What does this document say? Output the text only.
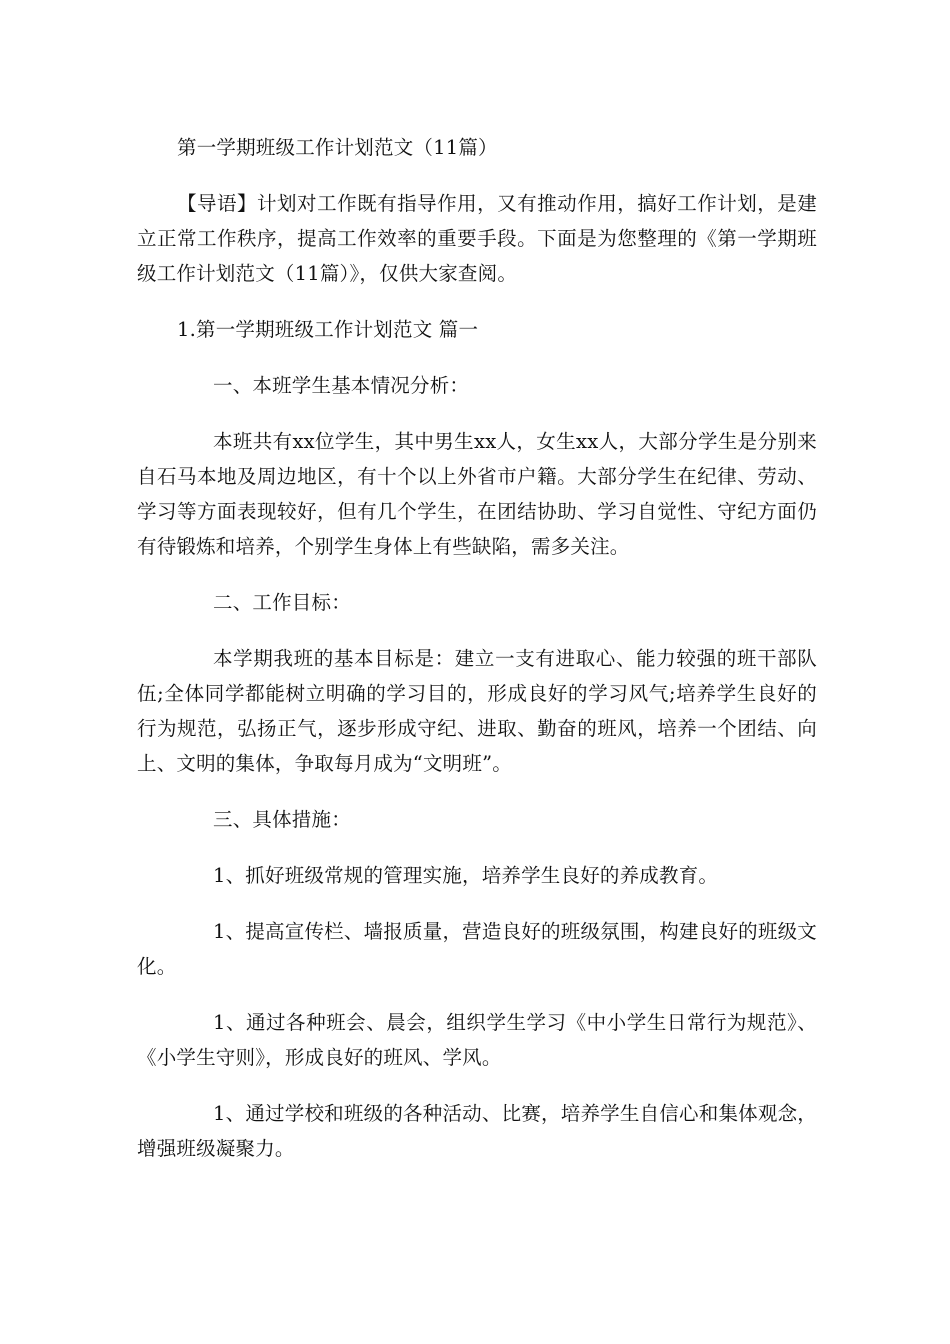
第一学期班级工作计划范文（11篇）

【导语】计划对工作既有指导作用，又有推动作用，搞好工作计划，是建立正常工作秩序，提高工作效率的重要手段。下面是为您整理的《第一学期班级工作计划范文（11篇）》，仅供大家查阅。

1.第一学期班级工作计划范文 篇一

一、本班学生基本情况分析：

本班共有xx位学生，其中男生xx人，女生xx人，大部分学生是分别来自石马本地及周边地区，有十个以上外省市户籍。大部分学生在纪律、劳动、学习等方面表现较好，但有几个学生，在团结协助、学习自觉性、守纪方面仍有待锻炼和培养，个别学生身体上有些缺陷，需多关注。

二、工作目标：

本学期我班的基本目标是：建立一支有进取心、能力较强的班干部队伍;全体同学都能树立明确的学习目的，形成良好的学习风气;培养学生良好的行为规范，弘扬正气，逐步形成守纪、进取、勤奋的班风，培养一个团结、向上、文明的集体，争取每月成为“文明班”。

三、具体措施：

1、抓好班级常规的管理实施，培养学生良好的养成教育。

1、提高宣传栏、墙报质量，营造良好的班级氛围，构建良好的班级文化。

1、通过各种班会、晨会，组织学生学习《中小学生日常行为规范》、《小学生守则》，形成良好的班风、学风。

1、通过学校和班级的各种活动、比赛，培养学生自信心和集体观念，增强班级凝聚力。
